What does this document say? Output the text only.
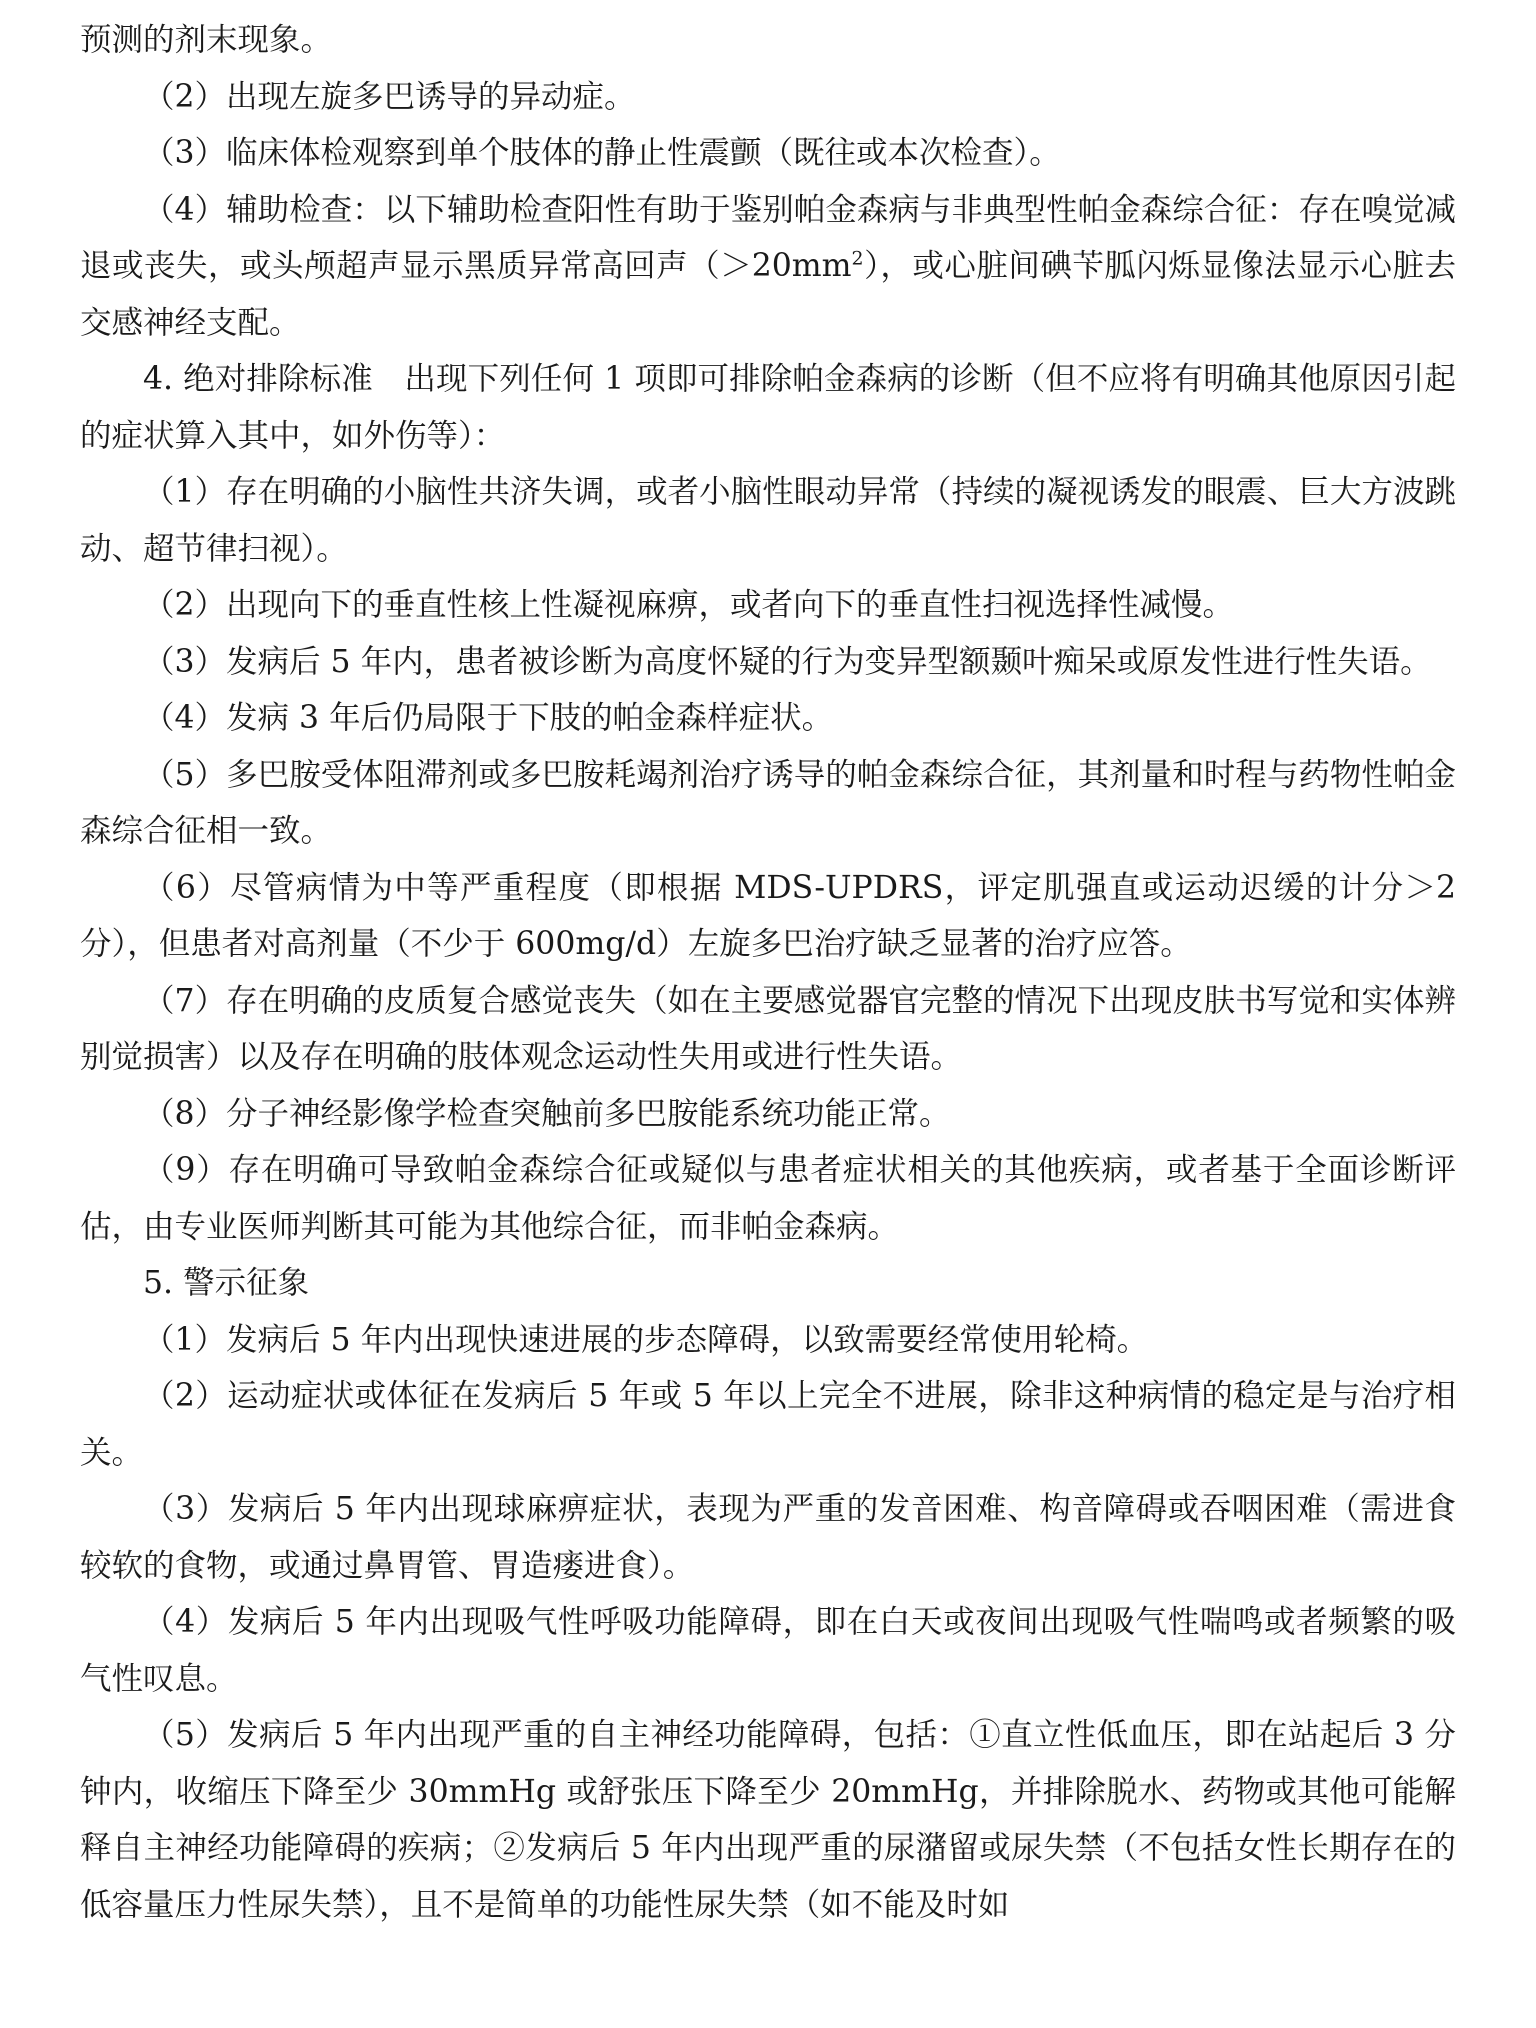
预测的剂末现象。

（2）出现左旋多巴诱导的异动症。

（3）临床体检观察到单个肢体的静止性震颤（既往或本次检查）。

（4）辅助检查：以下辅助检查阳性有助于鉴别帕金森病与非典型性帕金森综合征：存在嗅觉减退或丧失，或头颅超声显示黑质异常高回声$(>20mm^2)$，或心脏间碘苄胍闪烁显像法显示心脏去交感神经支配。

4. 绝对排除标准　出现下列任何 1 项即可排除帕金森病的诊断（但不应将有明确其他原因引起的症状算入其中，如外伤等）：

（1）存在明确的小脑性共济失调，或者小脑性眼动异常（持续的凝视诱发的眼震、巨大方波跳动、超节律扫视）。

（2）出现向下的垂直性核上性凝视麻痹，或者向下的垂直性扫视选择性减慢。

（3）发病后 5 年内，患者被诊断为高度怀疑的行为变异型额颞叶痴呆或原发性进行性失语。

（4）发病 3 年后仍局限于下肢的帕金森样症状。

（5）多巴胺受体阻滞剂或多巴胺耗竭剂治疗诱导的帕金森综合征，其剂量和时程与药物性帕金森综合征相一致。

（6）尽管病情为中等严重程度（即根据 MDS-UPDRS，评定肌强直或运动迟缓的计分＞2 分），但患者对高剂量（不少于 600mg/d）左旋多巴治疗缺乏显著的治疗应答。

（7）存在明确的皮质复合感觉丧失（如在主要感觉器官完整的情况下出现皮肤书写觉和实体辨别觉损害）以及存在明确的肢体观念运动性失用或进行性失语。

（8）分子神经影像学检查突触前多巴胺能系统功能正常。

（9）存在明确可导致帕金森综合征或疑似与患者症状相关的其他疾病，或者基于全面诊断评估，由专业医师判断其可能为其他综合征，而非帕金森病。

5. 警示征象

（1）发病后 5 年内出现快速进展的步态障碍，以致需要经常使用轮椅。

（2）运动症状或体征在发病后 5 年或 5 年以上完全不进展，除非这种病情的稳定是与治疗相关。

（3）发病后 5 年内出现球麻痹症状，表现为严重的发音困难、构音障碍或吞咽困难（需进食较软的食物，或通过鼻胃管、胃造瘘进食）。

（4）发病后 5 年内出现吸气性呼吸功能障碍，即在白天或夜间出现吸气性喘鸣或者频繁的吸气性叹息。

（5）发病后 5 年内出现严重的自主神经功能障碍，包括：①直立性低血压，即在站起后 3 分钟内，收缩压下降至少 30mmHg 或舒张压下降至少 20mmHg，并排除脱水、药物或其他可能解释自主神经功能障碍的疾病；②发病后 5 年内出现严重的尿潴留或尿失禁（不包括女性长期存在的低容量压力性尿失禁），且不是简单的功能性尿失禁（如不能及时如
